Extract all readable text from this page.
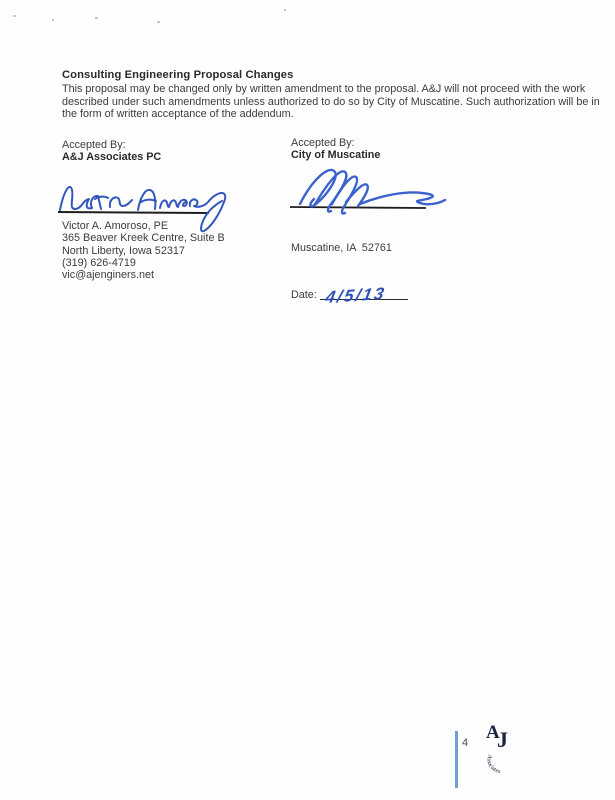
Consulting Engineering Proposal Changes
This proposal may be changed only by written amendment to the proposal. A&J will not proceed with the work
described under such amendments unless authorized to do so by City of Muscatine. Such authorization will be in
the form of written acceptance of the addendum.
Accepted By:
A&J Associates PC
Accepted By:
City of Muscatine
Victor A. Amoroso, PE
365 Beaver Kreek Centre, Suite B
North Liberty, Iowa 52317
(319) 626-4719
vic@ajenginers.net
Muscatine, IA  52761
Date: 4/5/13
4 A
J
Associates
